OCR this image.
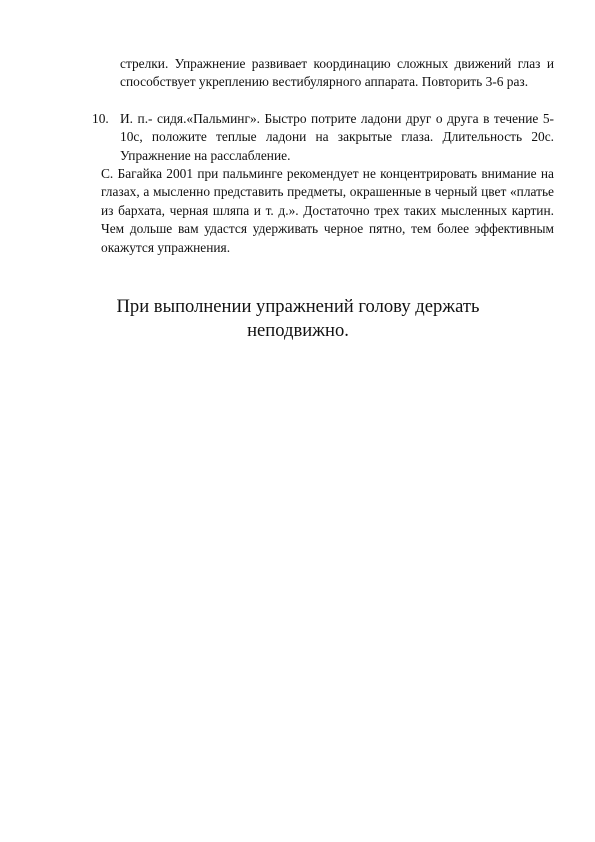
стрелки. Упражнение развивает координацию сложных движений глаз и способствует укреплению вестибулярного аппарата. Повторить 3-6 раз.

10. И. п.- сидя.«Пальминг». Быстро потрите ладони друг о друга в течение 5-10с, положите теплые ладони на закрытые глаза. Длительность 20с. Упражнение на расслабление.

С. Багайка 2001 при пальминге рекомендует не концентрировать внимание на глазах, а мысленно представить предметы, окрашенные в черный цвет «платье из бархата, черная шляпа и т. д.». Достаточно трех таких мысленных картин. Чем дольше вам удастся удерживать черное пятно, тем более эффективным окажутся упражнения.

При выполнении упражнений голову держать неподвижно.
